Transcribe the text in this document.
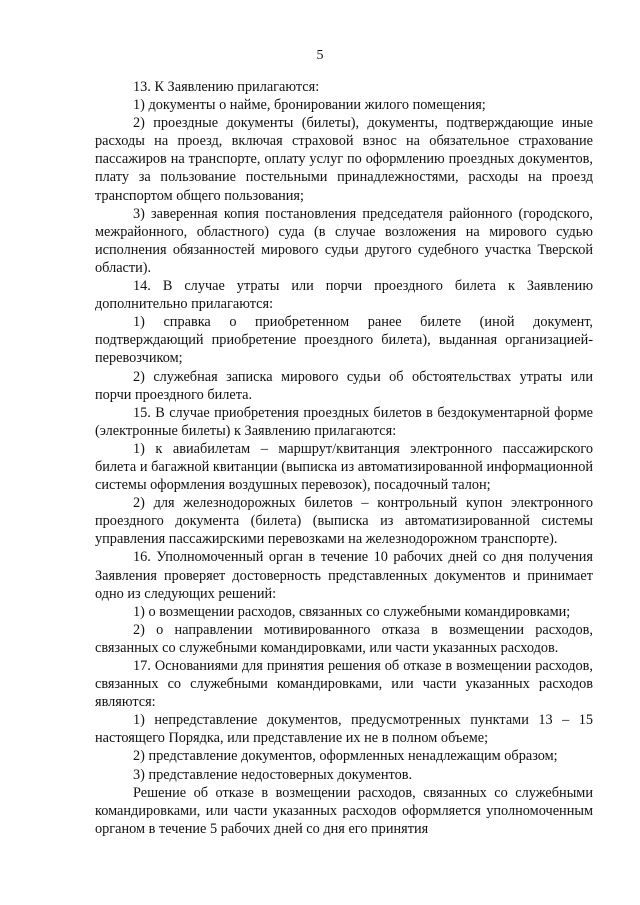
5

13. К Заявлению прилагаются:

1) документы о найме, бронировании жилого помещения;

2) проездные документы (билеты), документы, подтверждающие иные расходы на проезд, включая страховой взнос на обязательное страхование пассажиров на транспорте, оплату услуг по оформлению проездных документов, плату за пользование постельными принадлежностями, расходы на проезд транспортом общего пользования;

3) заверенная копия постановления председателя районного (городского, межрайонного, областного) суда (в случае возложения на мирового судью исполнения обязанностей мирового судьи другого судебного участка Тверской области).

14. В случае утраты или порчи проездного билета к Заявлению дополнительно прилагаются:

1) справка о приобретенном ранее билете (иной документ, подтверждающий приобретение проездного билета), выданная организацией-перевозчиком;

2) служебная записка мирового судьи об обстоятельствах утраты или порчи проездного билета.

15. В случае приобретения проездных билетов в бездокументарной форме (электронные билеты) к Заявлению прилагаются:

1) к авиабилетам – маршрут/квитанция электронного пассажирского билета и багажной квитанции (выписка из автоматизированной информационной системы оформления воздушных перевозок), посадочный талон;

2) для железнодорожных билетов – контрольный купон электронного проездного документа (билета) (выписка из автоматизированной системы управления пассажирскими перевозками на железнодорожном транспорте).

16. Уполномоченный орган в течение 10 рабочих дней со дня получения Заявления проверяет достоверность представленных документов и принимает одно из следующих решений:

1) о возмещении расходов, связанных со служебными командировками;

2) о направлении мотивированного отказа в возмещении расходов, связанных со служебными командировками, или части указанных расходов.

17. Основаниями для принятия решения об отказе в возмещении расходов, связанных со служебными командировками, или части указанных расходов являются:

1) непредставление документов, предусмотренных пунктами 13 – 15 настоящего Порядка, или представление их не в полном объеме;

2) представление документов, оформленных ненадлежащим образом;

3) представление недостоверных документов.

Решение об отказе в возмещении расходов, связанных со служебными командировками, или части указанных расходов оформляется уполномоченным органом в течение 5 рабочих дней со дня его принятия
